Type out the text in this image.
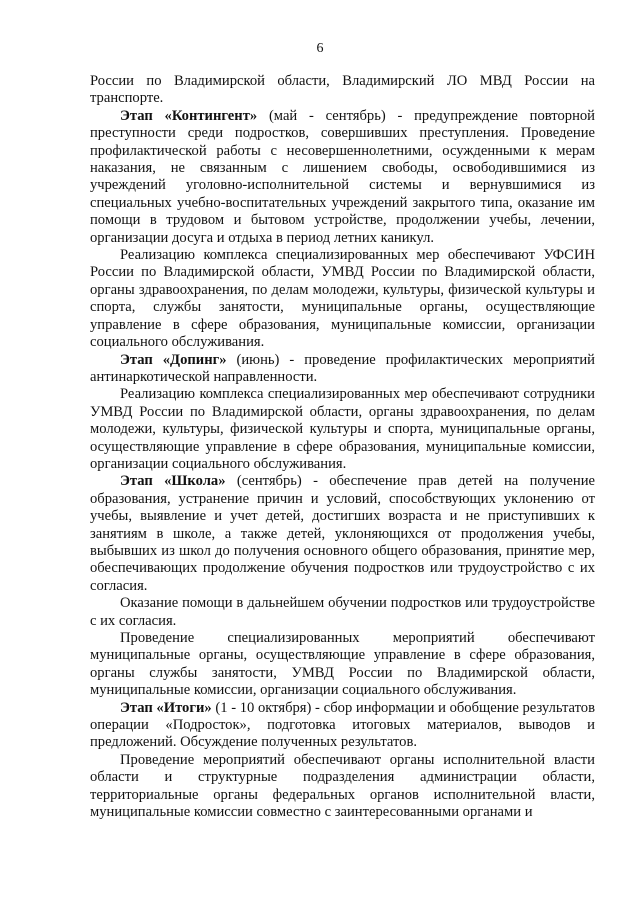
6

России по Владимирской области, Владимирский ЛО МВД России на транспорте.

Этап «Контингент» (май - сентябрь) - предупреждение повторной преступности среди подростков, совершивших преступления. Проведение профилактической работы с несовершеннолетними, осужденными к мерам наказания, не связанным с лишением свободы, освободившимися из учреждений уголовно-исполнительной системы и вернувшимися из специальных учебно-воспитательных учреждений закрытого типа, оказание им помощи в трудовом и бытовом устройстве, продолжении учебы, лечении, организации досуга и отдыха в период летних каникул.

Реализацию комплекса специализированных мер обеспечивают УФСИН России по Владимирской области, УМВД России по Владимирской области, органы здравоохранения, по делам молодежи, культуры, физической культуры и спорта, службы занятости, муниципальные органы, осуществляющие управление в сфере образования, муниципальные комиссии, организации социального обслуживания.

Этап «Допинг» (июнь) - проведение профилактических мероприятий антинаркотической направленности.

Реализацию комплекса специализированных мер обеспечивают сотрудники УМВД России по Владимирской области, органы здравоохранения, по делам молодежи, культуры, физической культуры и спорта, муниципальные органы, осуществляющие управление в сфере образования, муниципальные комиссии, организации социального обслуживания.

Этап «Школа» (сентябрь) - обеспечение прав детей на получение образования, устранение причин и условий, способствующих уклонению от учебы, выявление и учет детей, достигших возраста и не приступивших к занятиям в школе, а также детей, уклоняющихся от продолжения учебы, выбывших из школ до получения основного общего образования, принятие мер, обеспечивающих продолжение обучения подростков или трудоустройство с их согласия.

Оказание помощи в дальнейшем обучении подростков или трудоустройстве с их согласия.

Проведение специализированных мероприятий обеспечивают муниципальные органы, осуществляющие управление в сфере образования, органы службы занятости, УМВД России по Владимирской области, муниципальные комиссии, организации социального обслуживания.

Этап «Итоги» (1 - 10 октября) - сбор информации и обобщение результатов операции «Подросток», подготовка итоговых материалов, выводов и предложений. Обсуждение полученных результатов.

Проведение мероприятий обеспечивают органы исполнительной власти области и структурные подразделения администрации области, территориальные органы федеральных органов исполнительной власти, муниципальные комиссии совместно с заинтересованными органами и
